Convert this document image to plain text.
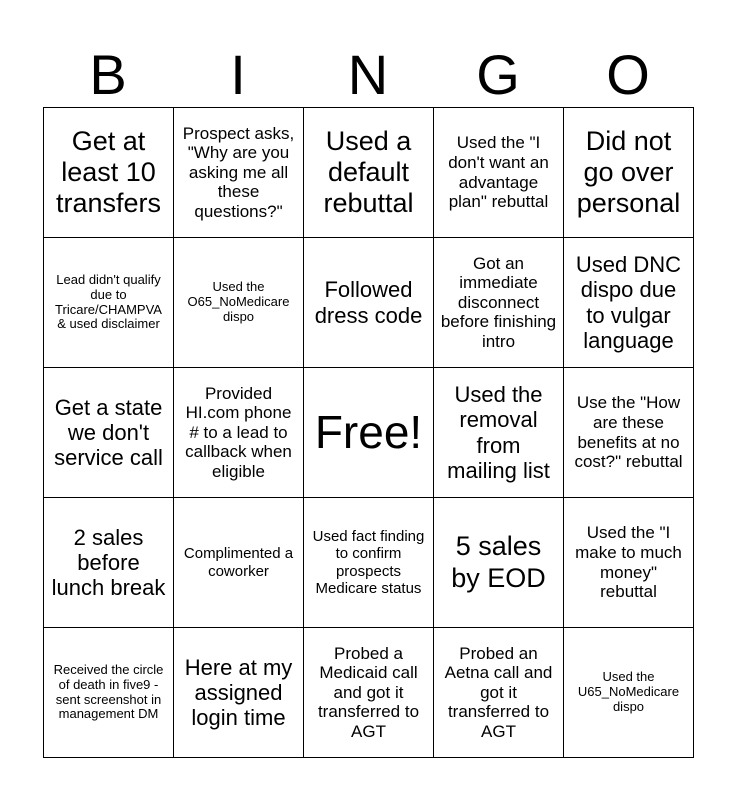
B	I	N	G	O
Get at least 10 transfers
Prospect asks, "Why are you asking me all these questions?"
Used a default rebuttal
Used the "I don't want an advantage plan" rebuttal
Did not go over personal
Lead didn't qualify due to Tricare/CHAMPVA & used disclaimer
Used the O65_NoMedicare dispo
Followed dress code
Got an immediate disconnect before finishing intro
Used DNC dispo due to vulgar language
Get a state we don't service call
Provided HI.com phone # to a lead to callback when eligible
Free!
Used the removal from mailing list
Use the "How are these benefits at no cost?" rebuttal
2 sales before lunch break
Complimented a coworker
Used fact finding to confirm prospects Medicare status
5 sales by EOD
Used the "I make to much money" rebuttal
Received the circle of death in five9 - sent screenshot in management DM
Here at my assigned login time
Probed a Medicaid call and got it transferred to AGT
Probed an Aetna call and got it transferred to AGT
Used the U65_NoMedicare dispo
